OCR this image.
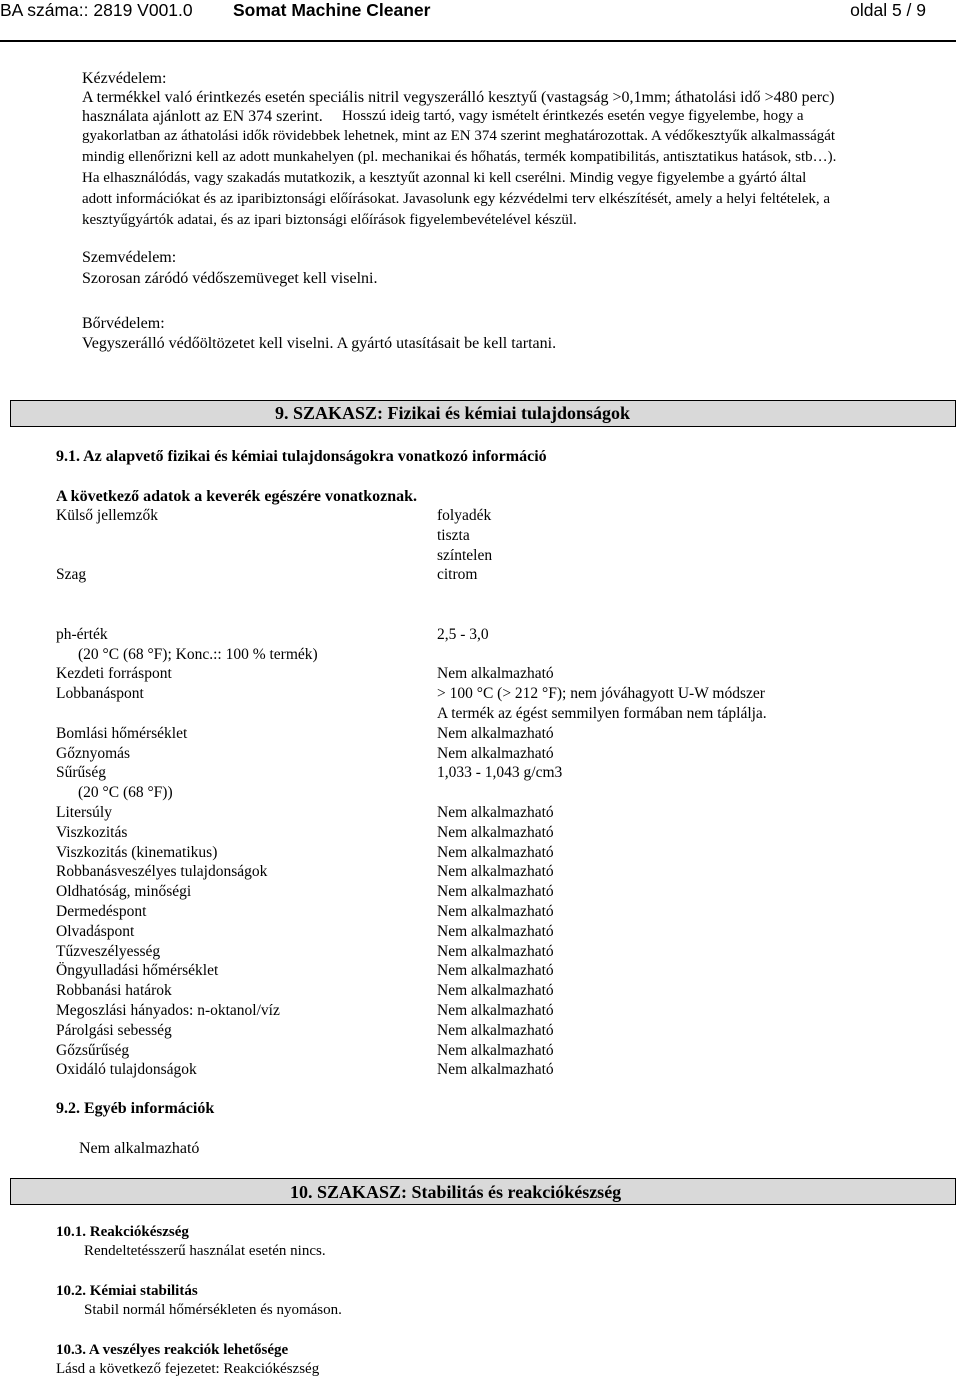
BA száma:: 2819 V001.0 Somat Machine Cleaner	oldal 5 / 9
Kézvédelem:
A termékkel való érintkezés esetén speciális nitril vegyszerálló kesztyű (vastagság >0,1mm; áthatolási idő >480 perc)
használata ajánlott az EN 374 szerint. Hosszú ideig tartó, vagy ismételt érintkezés esetén vegye figyelembe, hogy a
gyakorlatban az áthatolási idők rövidebbek lehetnek, mint az EN 374 szerint meghatározottak. A védőkesztyűk alkalmasságát
mindig ellenőrizni kell az adott munkahelyen (pl. mechanikai és hőhatás, termék kompatibilitás, antisztatikus hatások, stb…).
Ha elhasználódás, vagy szakadás mutatkozik, a kesztyűt azonnal ki kell cserélni. Mindig vegye figyelembe a gyártó által
adott információkat és az iparibiztonsági előírásokat. Javasolunk egy kézvédelmi terv elkészítését, amely a helyi feltételek, a
kesztyűgyártók adatai, és az ipari biztonsági előírások figyelembevételével készül.
Szemvédelem:
Szorosan záródó védőszemüveget kell viselni.
Bőrvédelem:
Vegyszerálló védőöltözetet kell viselni. A gyártó utasításait be kell tartani.
9. SZAKASZ: Fizikai és kémiai tulajdonságok
9.1. Az alapvető fizikai és kémiai tulajdonságokra vonatkozó információ
A következő adatok a keverék egészére vonatkoznak.
Külső jellemzők	folyadék
tiszta
színtelen
Szag	citrom
ph-érték	2,5 - 3,0
(20 °C (68 °F); Konc.:: 100 % termék)
Kezdeti forráspont	Nem alkalmazható
Lobbanáspont	> 100 °C (> 212 °F); nem jóváhagyott U-W módszer
A termék az égést semmilyen formában nem táplálja.
Bomlási hőmérséklet	Nem alkalmazható
Gőznyomás	Nem alkalmazható
Sűrűség	1,033 - 1,043 g/cm3
(20 °C (68 °F))
Litersúly	Nem alkalmazható
Viszkozitás	Nem alkalmazható
Viszkozitás (kinematikus)	Nem alkalmazható
Robbanásveszélyes tulajdonságok	Nem alkalmazható
Oldhatóság, minőségi	Nem alkalmazható
Dermedéspont	Nem alkalmazható
Olvadáspont	Nem alkalmazható
Tűzveszélyesség	Nem alkalmazható
Öngyulladási hőmérséklet	Nem alkalmazható
Robbanási határok	Nem alkalmazható
Megoszlási hányados: n-oktanol/víz	Nem alkalmazható
Párolgási sebesség	Nem alkalmazható
Gőzsűrűség	Nem alkalmazható
Oxidáló tulajdonságok	Nem alkalmazható
9.2. Egyéb információk
Nem alkalmazható
10. SZAKASZ: Stabilitás és reakciókészség
10.1. Reakciókészség
Rendeltetésszerű használat esetén nincs.
10.2. Kémiai stabilitás
Stabil normál hőmérsékleten és nyomáson.
10.3. A veszélyes reakciók lehetősége
Lásd a következő fejezetet: Reakciókészség
